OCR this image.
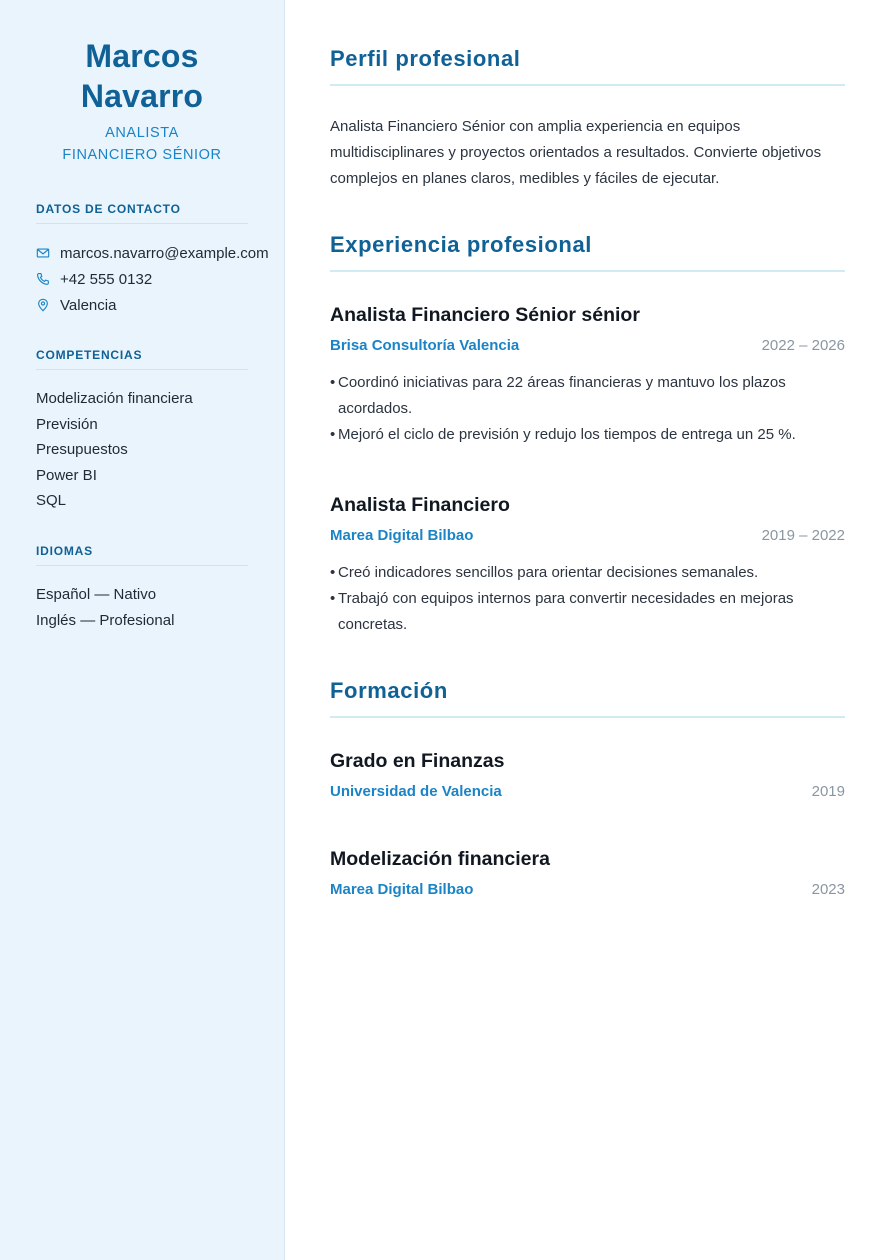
Marcos
Navarro
ANALISTA FINANCIERO SÉNIOR
DATOS DE CONTACTO
marcos.navarro@example.com
+42 555 0132
Valencia
COMPETENCIAS
Modelización financiera
Previsión
Presupuestos
Power BI
SQL
IDIOMAS
Español — Nativo
Inglés — Profesional
Perfil profesional

Analista Financiero Sénior con amplia experiencia en equipos multidisciplinares y proyectos orientados a resultados. Convierte objetivos complejos en planes claros, medibles y fáciles de ejecutar.

Experiencia profesional
Analista Financiero Sénior sénior
Brisa Consultoría Valencia	2022 – 2026
• Coordinó iniciativas para 22 áreas financieras y mantuvo los plazos acordados.
• Mejoró el ciclo de previsión y redujo los tiempos de entrega un 25 %.
Analista Financiero
Marea Digital Bilbao	2019 – 2022
• Creó indicadores sencillos para orientar decisiones semanales.
• Trabajó con equipos internos para convertir necesidades en mejoras concretas.
Formación
Grado en Finanzas
Universidad de Valencia	2019
Modelización financiera
Marea Digital Bilbao	2023
